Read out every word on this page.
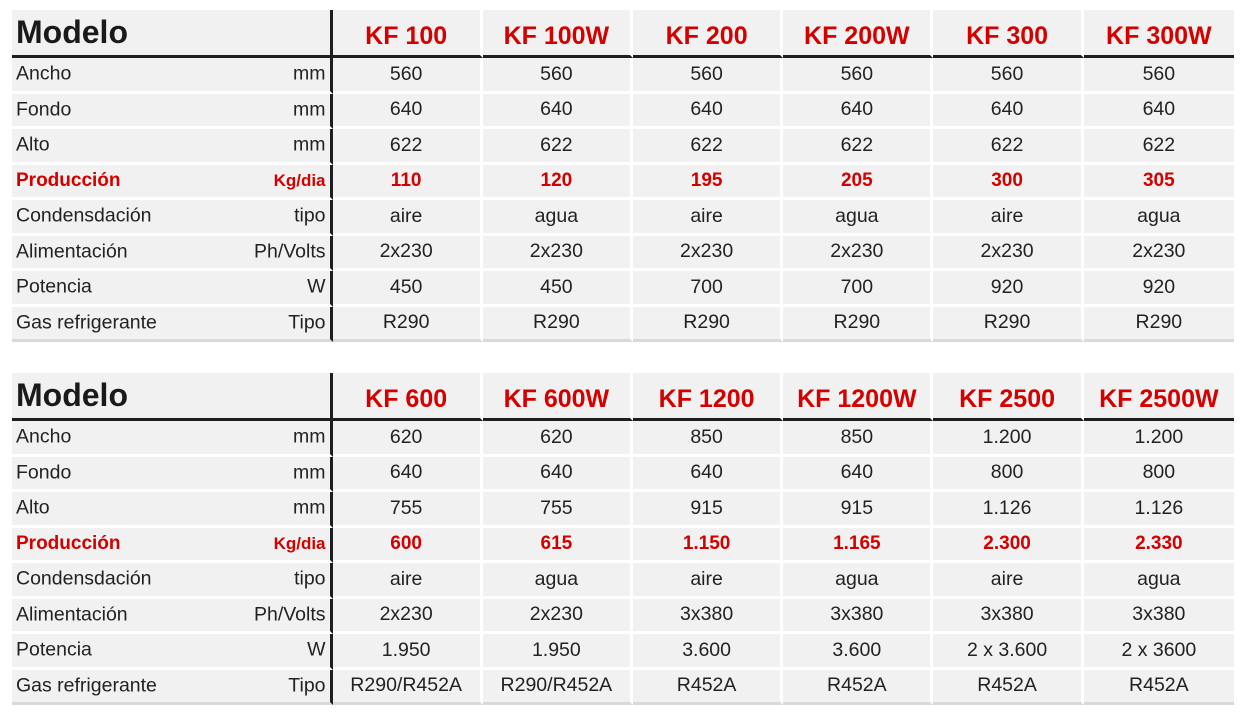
Modelo	KF 100	KF 100W	KF 200	KF 200W	KF 300	KF 300W

Ancho mm	560	560	560	560	560	560

Fondo mm	640	640	640	640	640	640

Alto mm	622	622	622	622	622	622

Producción Kg/dia	110	120	195	205	300	305

Condensdación tipo	aire	agua	aire	agua	aire	agua

Alimentación Ph/Volts	2x230	2x230	2x230	2x230	2x230	2x230

Potencia W	450	450	700	700	920	920

Gas refrigerante Tipo	R290	R290	R290	R290	R290	R290
Modelo	KF 600	KF 600W	KF 1200	KF 1200W	KF 2500	KF 2500W

Ancho mm	620	620	850	850	1.200	1.200

Fondo mm	640	640	640	640	800	800

Alto mm	755	755	915	915	1.126	1.126

Producción Kg/dia	600	615	1.150	1.165	2.300	2.330

Condensdación tipo	aire	agua	aire	agua	aire	agua

Alimentación Ph/Volts	2x230	2x230	3x380	3x380	3x380	3x380

Potencia W	1.950	1.950	3.600	3.600	2 x 3.600	2 x 3600

Gas refrigerante Tipo	R290/R452A	R290/R452A	R452A	R452A	R452A	R452A
